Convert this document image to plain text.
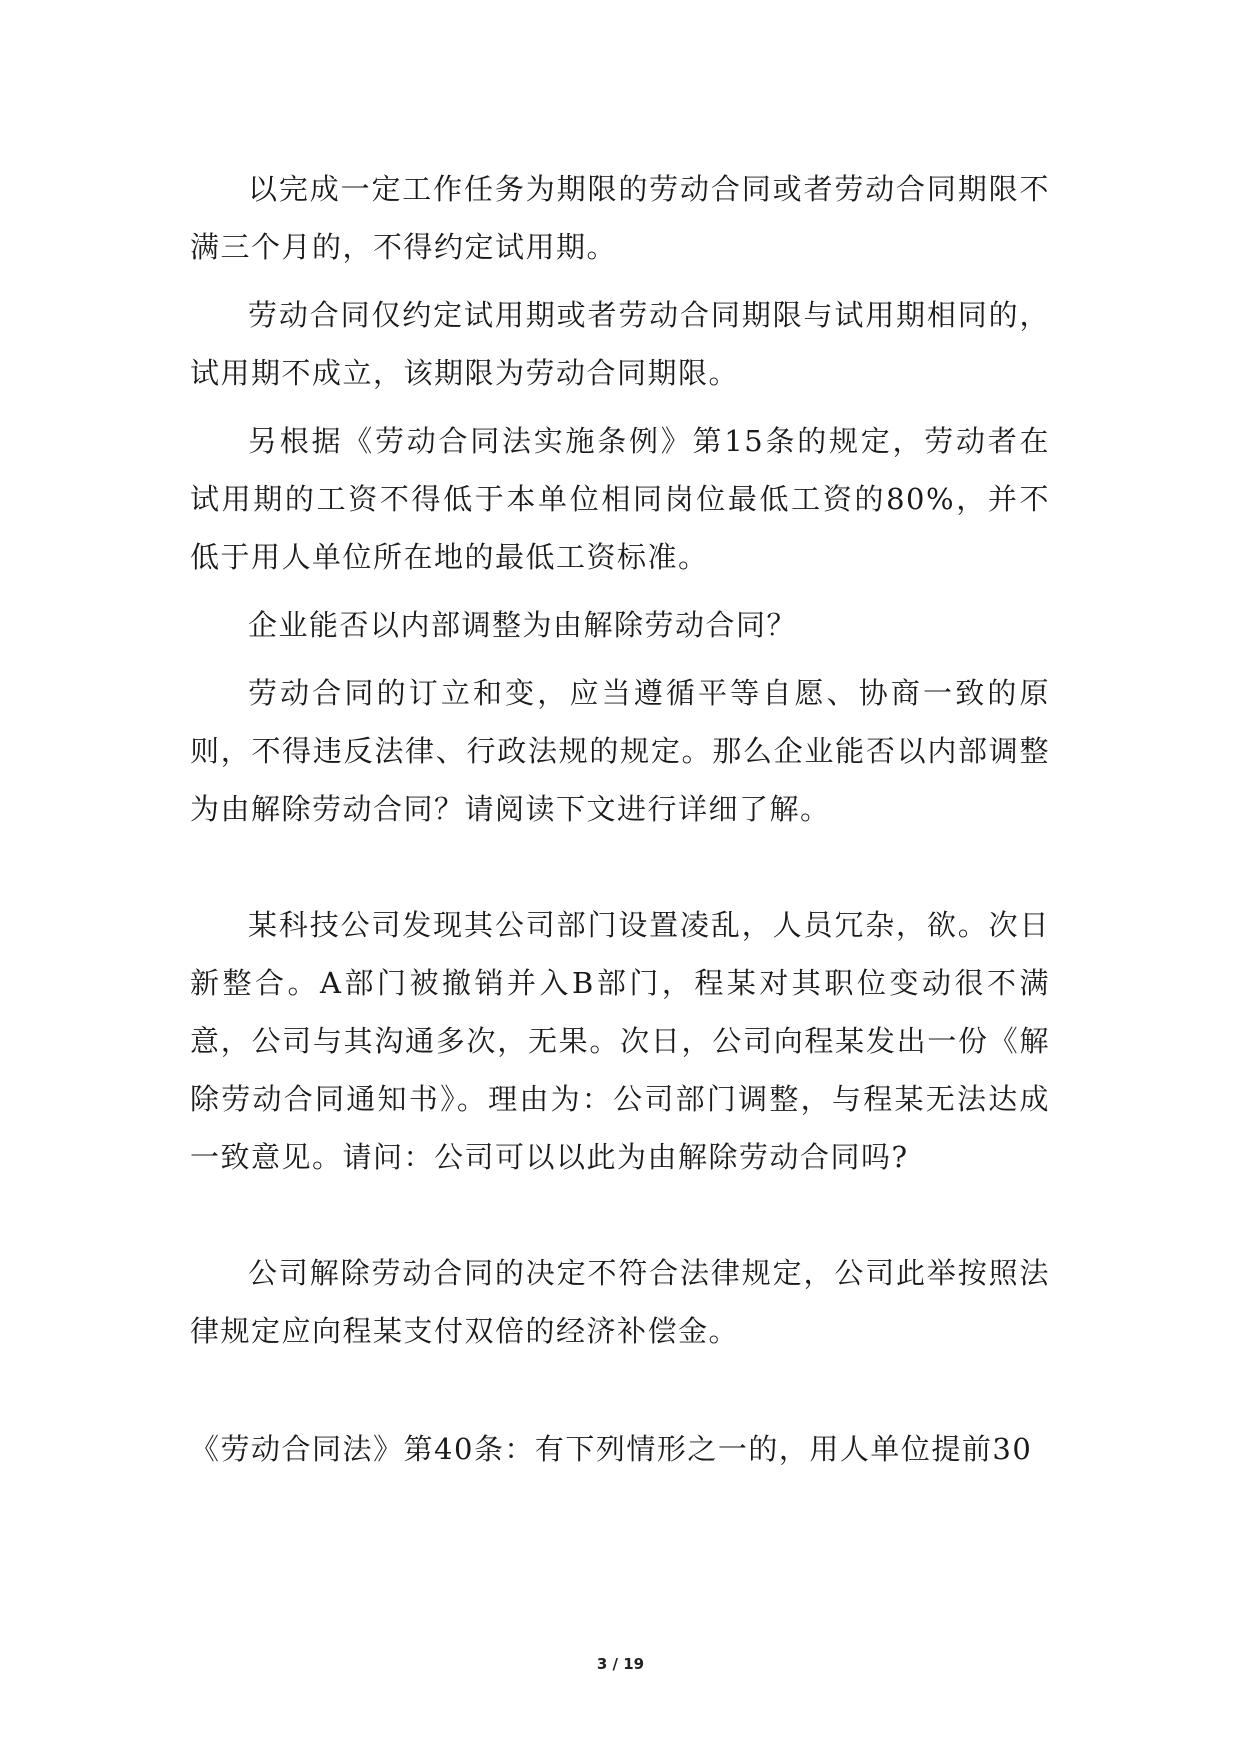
以完成一定工作任务为期限的劳动合同或者劳动合同期限不满三个月的，不得约定试用期。

劳动合同仅约定试用期或者劳动合同期限与试用期相同的，试用期不成立，该期限为劳动合同期限。

另根据《劳动合同法实施条例》第15条的规定，劳动者在试用期的工资不得低于本单位相同岗位最低工资的80%，并不低于用人单位所在地的最低工资标准。

企业能否以内部调整为由解除劳动合同？

劳动合同的订立和变，应当遵循平等自愿、协商一致的原则，不得违反法律、行政法规的规定。那么企业能否以内部调整为由解除劳动合同？请阅读下文进行详细了解。

某科技公司发现其公司部门设置凌乱，人员冗杂，欲。次日新整合。A部门被撤销并入B部门，程某对其职位变动很不满意，公司与其沟通多次，无果。次日，公司向程某发出一份《解除劳动合同通知书》。理由为：公司部门调整，与程某无法达成一致意见。请问：公司可以以此为由解除劳动合同吗?

公司解除劳动合同的决定不符合法律规定，公司此举按照法律规定应向程某支付双倍的经济补偿金。

《劳动合同法》第40条：有下列情形之一的，用人单位提前30

3 / 19
